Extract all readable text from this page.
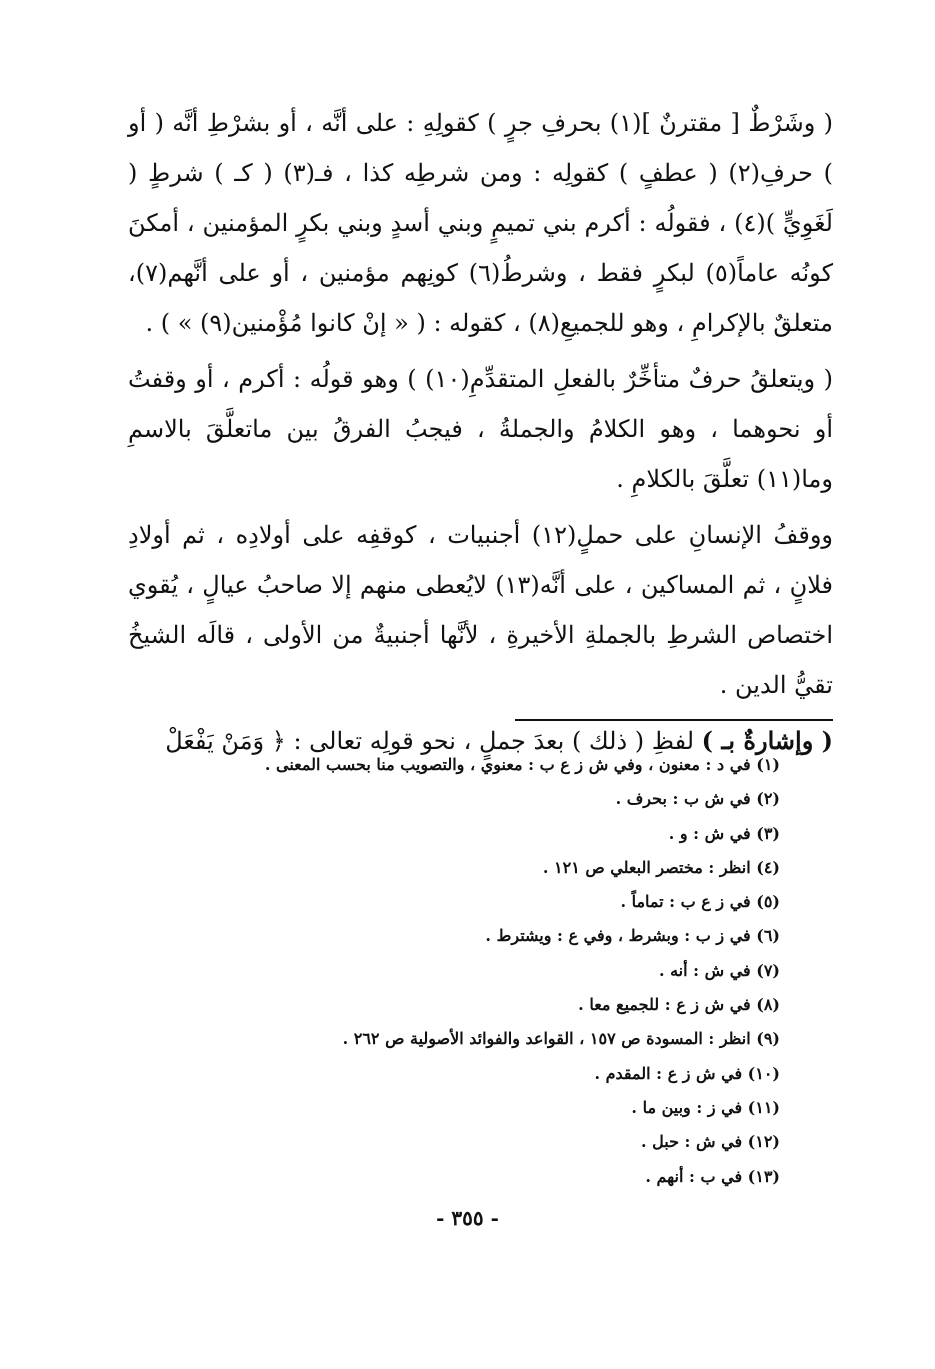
( وشَرْطٌ [ مقترنٌ ](١) بحرفِ جرٍ ) كقولِهِ : على أنَّه ، أو بشرْطِ أنَّه ( أو ) حرفِ(٢) ( عطفٍ ) كقولِه : ومن شرطِه كذا ، فـ(٣) ( كـ ) شرطٍ ( لَغَوِيٍّ )(٤) ، فقولُه : أكرم بني تميمٍ وبني أسدٍ وبني بكرٍ المؤمنين ، أمكنَ كونُه عاماً(٥) لبكرٍ فقط ، وشرطُ(٦) كونِهم مؤمنين ، أو على أنَّهم(٧)، متعلقٌ بالإكرامِ ، وهو للجميعِ(٨) ، كقوله : ( « إنْ كانوا مُؤْمنين(٩) » ) .

( ويتعلقُ حرفٌ متأخِّرٌ بالفعلِ المتقدِّمِ(١٠) ) وهو قولُه : أكرم ، أو وقفتُ أو نحوهما ، وهو الكلامُ والجملةُ ، فيجبُ الفرقُ بين ماتعلَّقَ بالاسمِ وما(١١) تعلَّقَ بالكلامِ .

ووقفُ الإنسانِ على حملٍ(١٢) أجنبيات ، كوقفِه على أولادِه ، ثم أولادِ فلانٍ ، ثم المساكين ، على أنَّه(١٣) لايُعطى منهم إلا صاحبُ عيالٍ ، يُقوي اختصاص الشرطِ بالجملةِ الأخيرةِ ، لأنَّها أجنبيةٌ من الأولى ، قالَه الشيخُ تقيُّ الدين .

( وإشارةٌ بـ ) لفظِ ( ذلك ) بعدَ جملٍ ، نحو قولِه تعالى : ﴿ وَمَنْ يَفْعَلْ

(١) في د : معنون ، وفي ش ز ع ب : معنوي ، والتصويب منا بحسب المعنى .

(٢) في ش ب : بحرف .

(٣) في ش : و .

(٤) انظر : مختصر البعلي ص ١٢١ .

(٥) في ز ع ب : تماماً .

(٦) في ز ب : وبشرط ، وفي ع : ويشترط .

(٧) في ش : أنه .

(٨) في ش ز ع : للجميع معا .

(٩) انظر : المسودة ص ١٥٧ ، القواعد والفوائد الأصولية ص ٢٦٢ .

(١٠) في ش ز ع : المقدم .

(١١) في ز : وبين ما .

(١٢) في ش : حبل .

(١٣) في ب : أنهم .

- ٣٥٥ -
